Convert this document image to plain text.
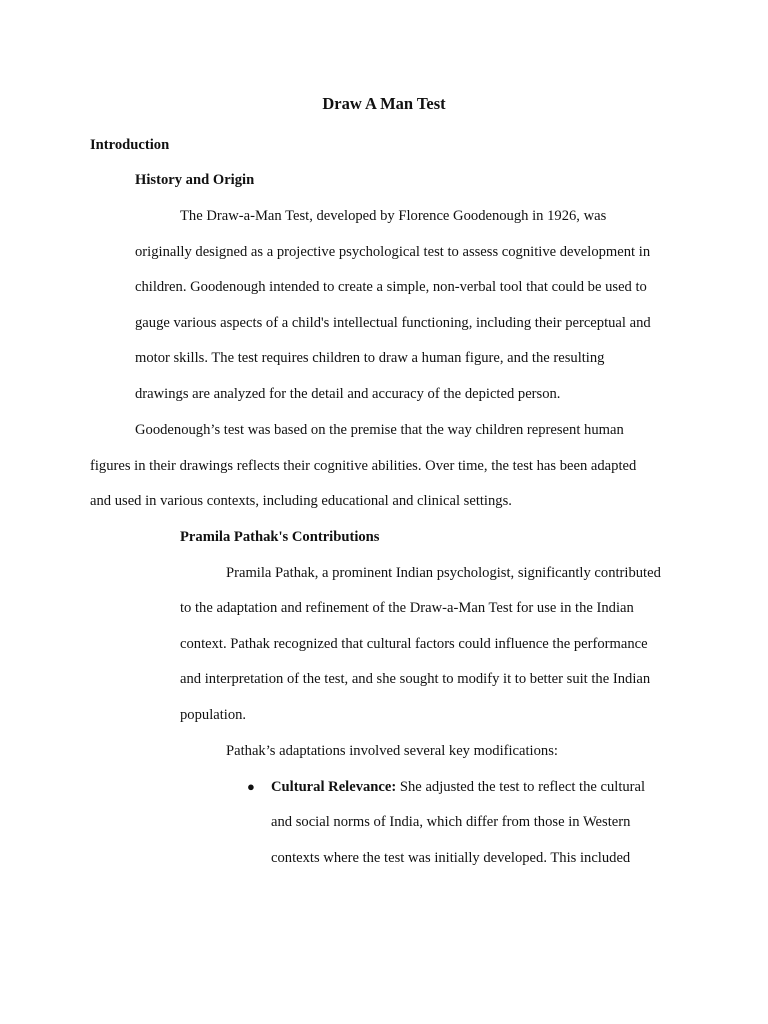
Draw A Man Test
Introduction
History and Origin
The Draw-a-Man Test, developed by Florence Goodenough in 1926, was
originally designed as a projective psychological test to assess cognitive development in
children. Goodenough intended to create a simple, non-verbal tool that could be used to
gauge various aspects of a child's intellectual functioning, including their perceptual and
motor skills. The test requires children to draw a human figure, and the resulting
drawings are analyzed for the detail and accuracy of the depicted person.
Goodenough’s test was based on the premise that the way children represent human
figures in their drawings reflects their cognitive abilities. Over time, the test has been adapted
and used in various contexts, including educational and clinical settings.
Pramila Pathak's Contributions
Pramila Pathak, a prominent Indian psychologist, significantly contributed
to the adaptation and refinement of the Draw-a-Man Test for use in the Indian
context. Pathak recognized that cultural factors could influence the performance
and interpretation of the test, and she sought to modify it to better suit the Indian
population.
Pathak’s adaptations involved several key modifications:
● Cultural Relevance: She adjusted the test to reflect the cultural
and social norms of India, which differ from those in Western
contexts where the test was initially developed. This included
